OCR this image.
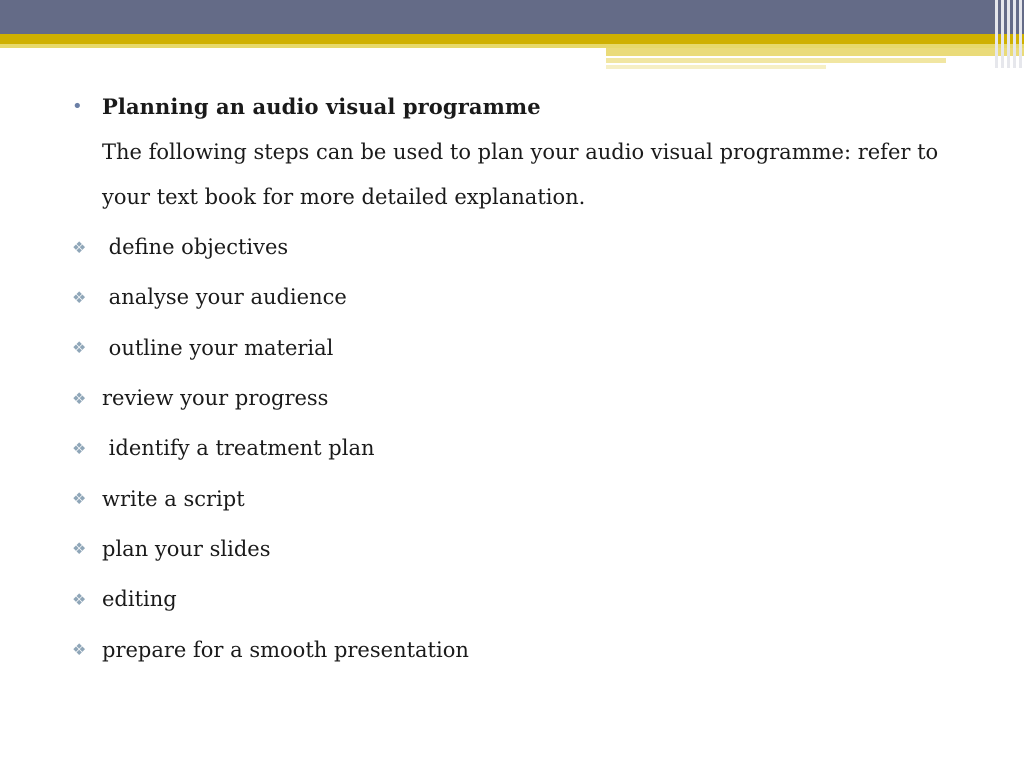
• Planning an audio visual programme
The following steps can be used to plan your audio visual programme: refer to your text book for more detailed explanation.
❖ define objectives
❖ analyse your audience
❖ outline your material
❖ review your progress
❖ identify a treatment plan
❖ write a script
❖ plan your slides
❖ editing
❖ prepare for a smooth presentation
